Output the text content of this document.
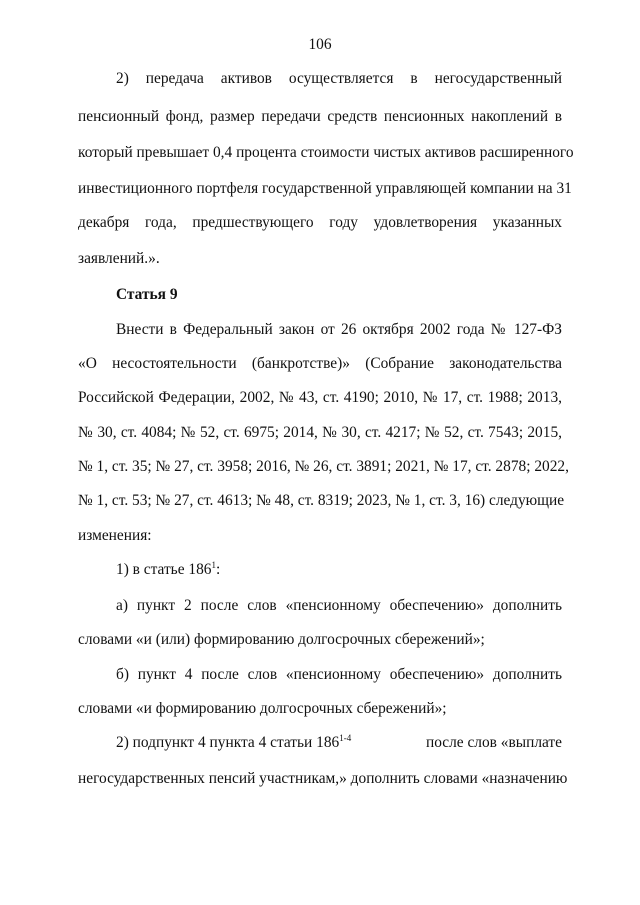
106
2) передача активов осуществляется в негосударственный
пенсионный фонд, размер передачи средств пенсионных накоплений в
который превышает 0,4 процента стоимости чистых активов расширенного
инвестиционного портфеля государственной управляющей компании на 31
декабря года, предшествующего году удовлетворения указанных
заявлений.».
Статья 9
Внести в Федеральный закон от 26 октября 2002 года № 127-ФЗ
«О несостоятельности (банкротстве)» (Собрание законодательства
Российской Федерации, 2002, № 43, ст. 4190; 2010, № 17, ст. 1988; 2013,
№ 30, ст. 4084; № 52, ст. 6975; 2014, № 30, ст. 4217; № 52, ст. 7543; 2015,
№ 1, ст. 35; № 27, ст. 3958; 2016, № 26, ст. 3891; 2021, № 17, ст. 2878; 2022,
№ 1, ст. 53; № 27, ст. 4613; № 48, ст. 8319; 2023, № 1, ст. 3, 16) следующие
изменения:
1) в статье $186^1$:
а) пункт 2 после слов «пенсионному обеспечению» дополнить
словами «и (или) формированию долгосрочных сбережений»;
б) пункт 4 после слов «пенсионному обеспечению» дополнить
словами «и формированию долгосрочных сбережений»;
2) подпункт 4 пункта 4 статьи 186$^{1-4}$	после слов «выплате
негосударственных пенсий участникам,» дополнить словами «назначению
